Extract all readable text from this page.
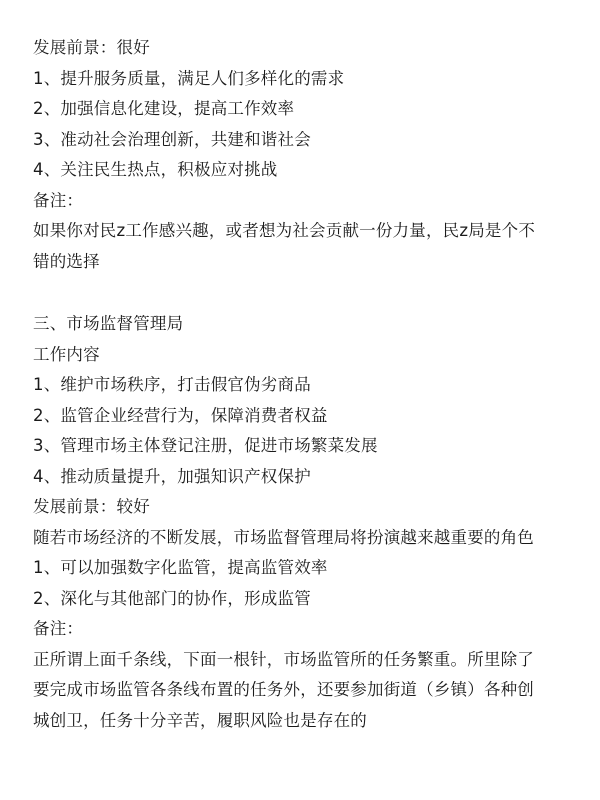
发展前景：很好
1、提升服务质量，满足人们多样化的需求
2、加强信息化建设，提高工作效率
3、准动社会治理创新，共建和谐社会
4、关注民生热点，积极应对挑战
备注：
如果你对民z工作感兴趣，或者想为社会贡献一份力量，民z局是个不
错的选择
三、市场监督管理局
工作内容
1、维护市场秩序，打击假官伪劣商品
2、监管企业经营行为，保障消费者权益
3、管理市场主体登记注册，促进市场繁菜发展
4、推动质量提升，加强知识产权保护
发展前景：较好
随若市场经济的不断发展，市场监督管理局将扮演越来越重要的角色
1、可以加强数字化监管，提高监管效率
2、深化与其他部门的协作，形成监管
备注：
正所谓上面千条线，下面一根针，市场监管所的任务繁重。所里除了
要完成市场监管各条线布置的任务外，还要参加街道（乡镇）各种创
城创卫，任务十分辛苦，履职风险也是存在的
